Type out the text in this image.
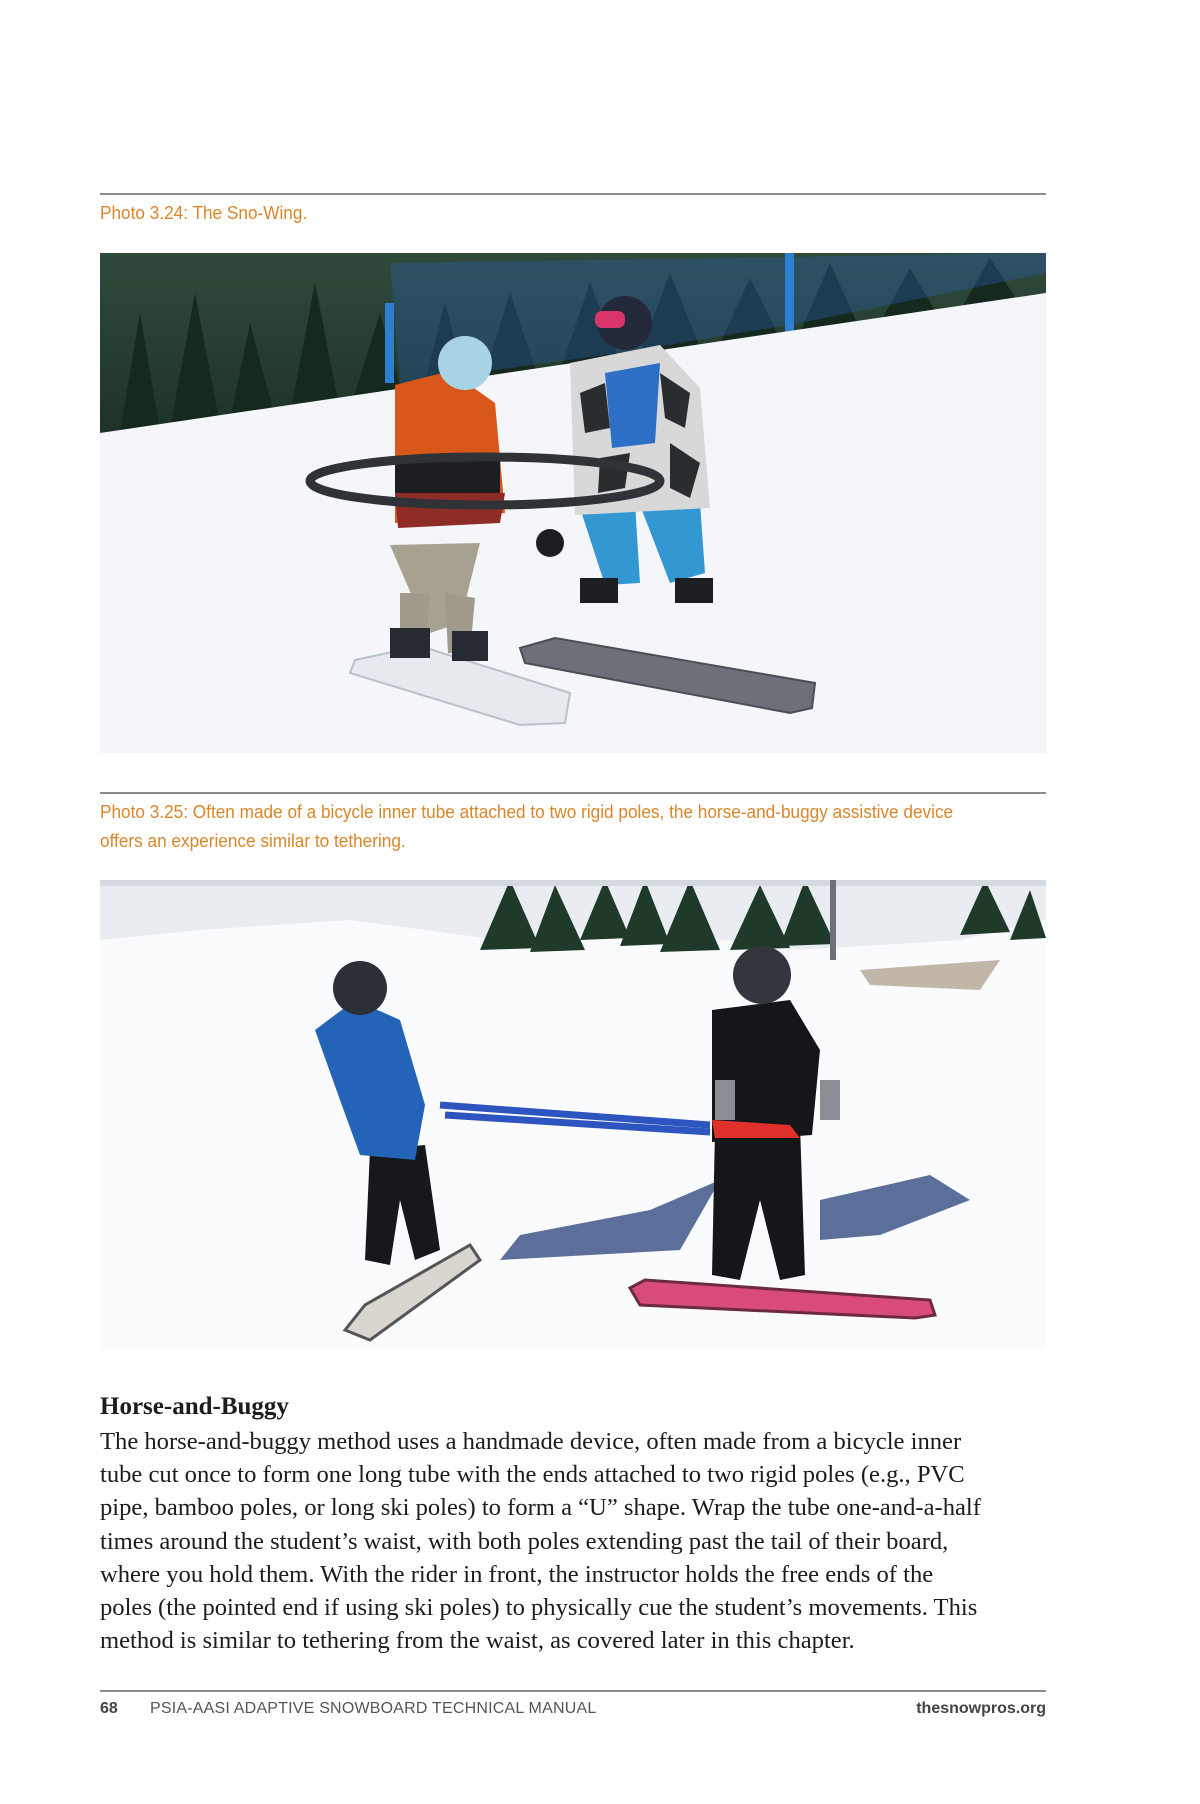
Photo 3.24: The Sno-Wing.
Photo 3.25: Often made of a bicycle inner tube attached to two rigid poles, the horse-and-buggy assistive device offers an experience similar to tethering.
Horse-and-Buggy
The horse-and-buggy method uses a handmade device, often made from a bicycle inner
tube cut once to form one long tube with the ends attached to two rigid poles (e.g., PVC
pipe, bamboo poles, or long ski poles) to form a “U” shape. Wrap the tube one-and-a-half
times around the student’s waist, with both poles extending past the tail of their board,
where you hold them. With the rider in front, the instructor holds the free ends of the
poles (the pointed end if using ski poles) to physically cue the student’s movements. This
method is similar to tethering from the waist, as covered later in this chapter.
68 PSIA-AASI ADAPTIVE SNOWBOARD TECHNICAL MANUAL	thesnowpros.org
